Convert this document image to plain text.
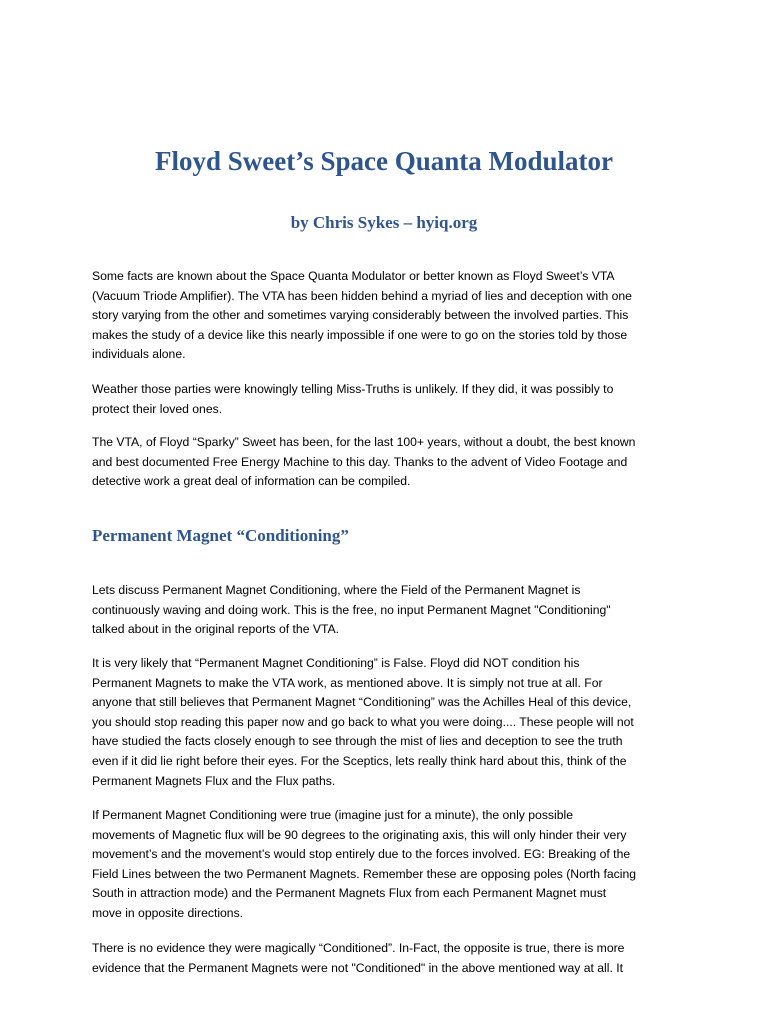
Floyd Sweet’s Space Quanta Modulator
by Chris Sykes – hyiq.org

Some facts are known about the Space Quanta Modulator or better known as Floyd Sweet’s VTA
(Vacuum Triode Amplifier). The VTA has been hidden behind a myriad of lies and deception with one
story varying from the other and sometimes varying considerably between the involved parties. This
makes the study of a device like this nearly impossible if one were to go on the stories told by those
individuals alone.

Weather those parties were knowingly telling Miss-Truths is unlikely. If they did, it was possibly to
protect their loved ones.

The VTA, of Floyd “Sparky” Sweet has been, for the last 100+ years, without a doubt, the best known
and best documented Free Energy Machine to this day. Thanks to the advent of Video Footage and
detective work a great deal of information can be compiled.

Permanent Magnet “Conditioning”

Lets discuss Permanent Magnet Conditioning, where the Field of the Permanent Magnet is
continuously waving and doing work. This is the free, no input Permanent Magnet "Conditioning"
talked about in the original reports of the VTA.

It is very likely that “Permanent Magnet Conditioning” is False. Floyd did NOT condition his
Permanent Magnets to make the VTA work, as mentioned above. It is simply not true at all. For
anyone that still believes that Permanent Magnet “Conditioning” was the Achilles Heal of this device,
you should stop reading this paper now and go back to what you were doing.... These people will not
have studied the facts closely enough to see through the mist of lies and deception to see the truth
even if it did lie right before their eyes. For the Sceptics, lets really think hard about this, think of the
Permanent Magnets Flux and the Flux paths.

If Permanent Magnet Conditioning were true (imagine just for a minute), the only possible
movements of Magnetic flux will be 90 degrees to the originating axis, this will only hinder their very
movement’s and the movement’s would stop entirely due to the forces involved. EG: Breaking of the
Field Lines between the two Permanent Magnets. Remember these are opposing poles (North facing
South in attraction mode) and the Permanent Magnets Flux from each Permanent Magnet must
move in opposite directions.

There is no evidence they were magically “Conditioned”. In-Fact, the opposite is true, there is more
evidence that the Permanent Magnets were not "Conditioned" in the above mentioned way at all. It
